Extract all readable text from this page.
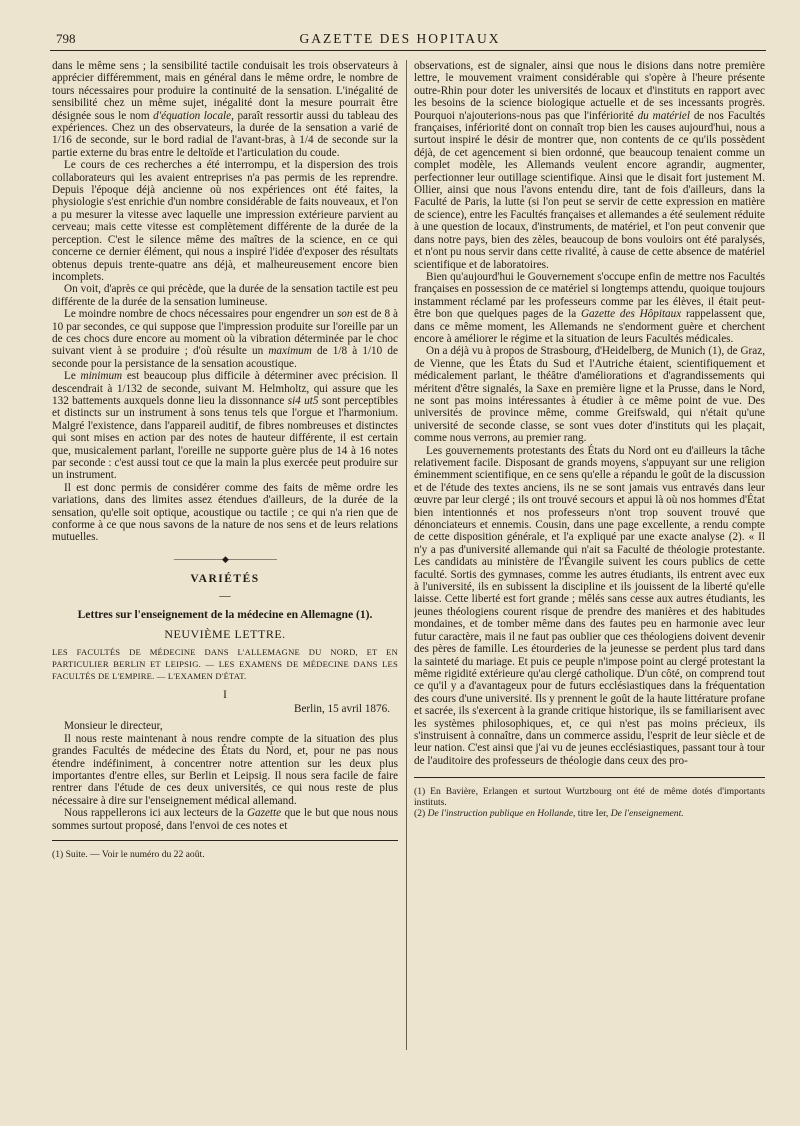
798	GAZETTE DES HOPITAUX

dans le même sens ; la sensibilité tactile conduisait les trois observateurs à apprécier différemment, mais en général dans le même ordre, le nombre de tours nécessaires pour produire la continuité de la sensation. L'inégalité de sensibilité chez un même sujet, inégalité dont la mesure pourrait être désignée sous le nom d'équation locale, paraît ressortir aussi du tableau des expériences. Chez un des observateurs, la durée de la sensation a varié de 1/16 de seconde, sur le bord radial de l'avant-bras, à 1/4 de seconde sur la partie externe du bras entre le deltoïde et l'articulation du coude.

Le cours de ces recherches a été interrompu, et la dispersion des trois collaborateurs qui les avaient entreprises n'a pas permis de les reprendre. Depuis l'époque déjà ancienne où nos expériences ont été faites, la physiologie s'est enrichie d'un nombre considérable de faits nouveaux, et l'on a pu mesurer la vitesse avec laquelle une impression extérieure parvient au cerveau; mais cette vitesse est complètement différente de la durée de la perception. C'est le silence même des maîtres de la science, en ce qui concerne ce dernier élément, qui nous a inspiré l'idée d'exposer des résultats obtenus depuis trente-quatre ans déjà, et malheureusement encore bien incomplets.

On voit, d'après ce qui précède, que la durée de la sensation tactile est peu différente de la durée de la sensation lumineuse.

Le moindre nombre de chocs nécessaires pour engendrer un son est de 8 à 10 par secondes, ce qui suppose que l'impression produite sur l'oreille par un de ces chocs dure encore au moment où la vibration déterminée par le choc suivant vient à se produire ; d'où résulte un maximum de 1/8 à 1/10 de seconde pour la persistance de la sensation acoustique.

Le minimum est beaucoup plus difficile à déterminer avec précision. Il descendrait à 1/132 de seconde, suivant M. Helmholtz, qui assure que les 132 battements auxquels donne lieu la dissonnance si4 ut5 sont perceptibles et distincts sur un instrument à sons tenus tels que l'orgue et l'harmonium. Malgré l'existence, dans l'appareil auditif, de fibres nombreuses et distinctes qui sont mises en action par des notes de hauteur différente, il est certain que, musicalement parlant, l'oreille ne supporte guère plus de 14 à 16 notes par seconde : c'est aussi tout ce que la main la plus exercée peut produire sur un instrument.

Il est donc permis de considérer comme des faits de même ordre les variations, dans des limites assez étendues d'ailleurs, de la durée de la sensation, qu'elle soit optique, acoustique ou tactile ; ce qui n'a rien que de conforme à ce que nous savons de la nature de nos sens et de leurs relations mutuelles.

——————◆——————
VARIÉTÉS
—
Lettres sur l'enseignement de la médecine en Allemagne (1).
NEUVIÈME LETTRE.
LES FACULTÉS DE MÉDECINE DANS L'ALLEMAGNE DU NORD, ET EN PARTICULIER BERLIN ET LEIPSIG. — LES EXAMENS DE MÉDECINE DANS LES FACULTÉS DE L'EMPIRE. — L'EXAMEN D'ÉTAT.
I
Berlin, 15 avril 1876.

Monsieur le directeur,

Il nous reste maintenant à nous rendre compte de la situation des plus grandes Facultés de médecine des États du Nord, et, pour ne pas nous étendre indéfiniment, à concentrer notre attention sur les deux plus importantes d'entre elles, sur Berlin et Leipsig. Il nous sera facile de faire rentrer dans l'étude de ces deux universités, ce qui nous reste de plus nécessaire à dire sur l'enseignement médical allemand.

Nous rappellerons ici aux lecteurs de la Gazette que le but que nous nous sommes surtout proposé, dans l'envoi de ces notes et

(1) Suite. — Voir le numéro du 22 août.

observations, est de signaler, ainsi que nous le disions dans notre première lettre, le mouvement vraiment considérable qui s'opère à l'heure présente outre-Rhin pour doter les universités de locaux et d'instituts en rapport avec les besoins de la science biologique actuelle et de ses incessants progrès. Pourquoi n'ajouterions-nous pas que l'infériorité du matériel de nos Facultés françaises, infériorité dont on connaît trop bien les causes aujourd'hui, nous a surtout inspiré le désir de montrer que, non contents de ce qu'ils possèdent déjà, de cet agencement si bien ordonné, que beaucoup tenaient comme un complet modèle, les Allemands veulent encore agrandir, augmenter, perfectionner leur outillage scientifique. Ainsi que le disait fort justement M. Ollier, ainsi que nous l'avons entendu dire, tant de fois d'ailleurs, dans la Faculté de Paris, la lutte (si l'on peut se servir de cette expression en matière de science), entre les Facultés françaises et allemandes a été seulement réduite à une question de locaux, d'instruments, de matériel, et l'on peut convenir que dans notre pays, bien des zèles, beaucoup de bons vouloirs ont été paralysés, et n'ont pu nous servir dans cette rivalité, à cause de cette absence de matériel scientifique et de laboratoires.

Bien qu'aujourd'hui le Gouvernement s'occupe enfin de mettre nos Facultés françaises en possession de ce matériel si longtemps attendu, quoique toujours instamment réclamé par les professeurs comme par les élèves, il était peut-être bon que quelques pages de la Gazette des Hôpitaux rappelassent que, dans ce même moment, les Allemands ne s'endorment guère et cherchent encore à améliorer le régime et la situation de leurs Facultés médicales.

On a déjà vu à propos de Strasbourg, d'Heidelberg, de Munich (1), de Graz, de Vienne, que les États du Sud et l'Autriche étaient, scientifiquement et médicalement parlant, le théâtre d'améliorations et d'agrandissements qui méritent d'être signalés, la Saxe en première ligne et la Prusse, dans le Nord, ne sont pas moins intéressantes à étudier à ce même point de vue. Des universités de province même, comme Greifswald, qui n'était qu'une université de seconde classe, se sont vues doter d'instituts qui les plaçait, comme nous verrons, au premier rang.

Les gouvernements protestants des États du Nord ont eu d'ailleurs la tâche relativement facile. Disposant de grands moyens, s'appuyant sur une religion éminemment scientifique, en ce sens qu'elle a répandu le goût de la discussion et de l'étude des textes anciens, ils ne se sont jamais vus entravés dans leur œuvre par leur clergé ; ils ont trouvé secours et appui là où nos hommes d'État bien intentionnés et nos professeurs n'ont trop souvent trouvé que dénonciateurs et ennemis. Cousin, dans une page excellente, a rendu compte de cette disposition générale, et l'a expliqué par une exacte analyse (2). « Il n'y a pas d'université allemande qui n'ait sa Faculté de théologie protestante. Les candidats au ministère de l'Évangile suivent les cours publics de cette faculté. Sortis des gymnases, comme les autres étudiants, ils entrent avec eux à l'université, ils en subissent la discipline et ils jouissent de la liberté qu'elle laisse. Cette liberté est fort grande ; mêlés sans cesse aux autres étudiants, les jeunes théologiens courent risque de prendre des manières et des habitudes mondaines, et de tomber même dans des fautes peu en harmonie avec leur futur caractère, mais il ne faut pas oublier que ces théologiens doivent devenir des pères de famille. Les étourderies de la jeunesse se perdent plus tard dans la sainteté du mariage. Et puis ce peuple n'impose point au clergé protestant la même rigidité extérieure qu'au clergé catholique. D'un côté, on comprend tout ce qu'il y a d'avantageux pour de futurs ecclésiastiques dans la fréquentation des cours d'une université. Ils y prennent le goût de la haute littérature profane et sacrée, ils s'exercent à la grande critique historique, ils se familiarisent avec les systèmes philosophiques, et, ce qui n'est pas moins précieux, ils s'instruisent à connaître, dans un commerce assidu, l'esprit de leur siècle et de leur nation. C'est ainsi que j'ai vu de jeunes ecclésiastiques, passant tour à tour de l'auditoire des professeurs de théologie dans ceux des pro-

(1) En Bavière, Erlangen et surtout Wurtzbourg ont été de même dotés d'importants instituts.

(2) De l'instruction publique en Hollande, titre Ier, De l'enseignement.
